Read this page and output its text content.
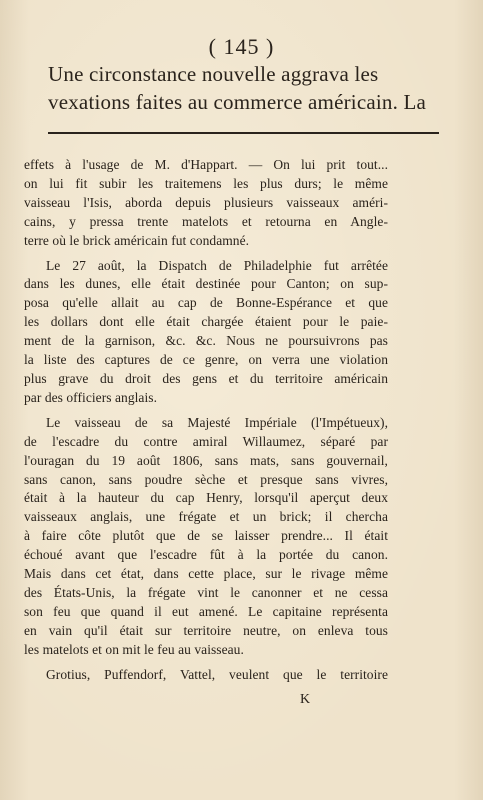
( 145 )
Une circonstance nouvelle aggrava les
vexations faites au commerce américain. La

effets à l'usage de M. d'Happart. — On lui prit tout...
on lui fit subir les traitemens les plus durs; le même
vaisseau l'Isis, aborda depuis plusieurs vaisseaux améri-
cains, y pressa trente matelots et retourna en Angle-
terre où le brick américain fut condamné.

Le 27 août, la Dispatch de Philadelphie fut arrêtée
dans les dunes, elle était destinée pour Canton; on sup-
posa qu'elle allait au cap de Bonne-Espérance et que
les dollars dont elle était chargée étaient pour le paie-
ment de la garnison, &c. &c. Nous ne poursuivrons pas
la liste des captures de ce genre, on verra une violation
plus grave du droit des gens et du territoire américain
par des officiers anglais.

Le vaisseau de sa Majesté Impériale (l'Impétueux),
de l'escadre du contre amiral Willaumez, séparé par
l'ouragan du 19 août 1806, sans mats, sans gouvernail,
sans canon, sans poudre sèche et presque sans vivres,
était à la hauteur du cap Henry, lorsqu'il aperçut deux
vaisseaux anglais, une frégate et un brick; il chercha
à faire côte plutôt que de se laisser prendre... Il était
échoué avant que l'escadre fût à la portée du canon.
Mais dans cet état, dans cette place, sur le rivage même
des États-Unis, la frégate vint le canonner et ne cessa
son feu que quand il eut amené. Le capitaine représenta
en vain qu'il était sur territoire neutre, on enleva tous
les matelots et on mit le feu au vaisseau.

Grotius, Puffendorf, Vattel, veulent que le territoire

K
